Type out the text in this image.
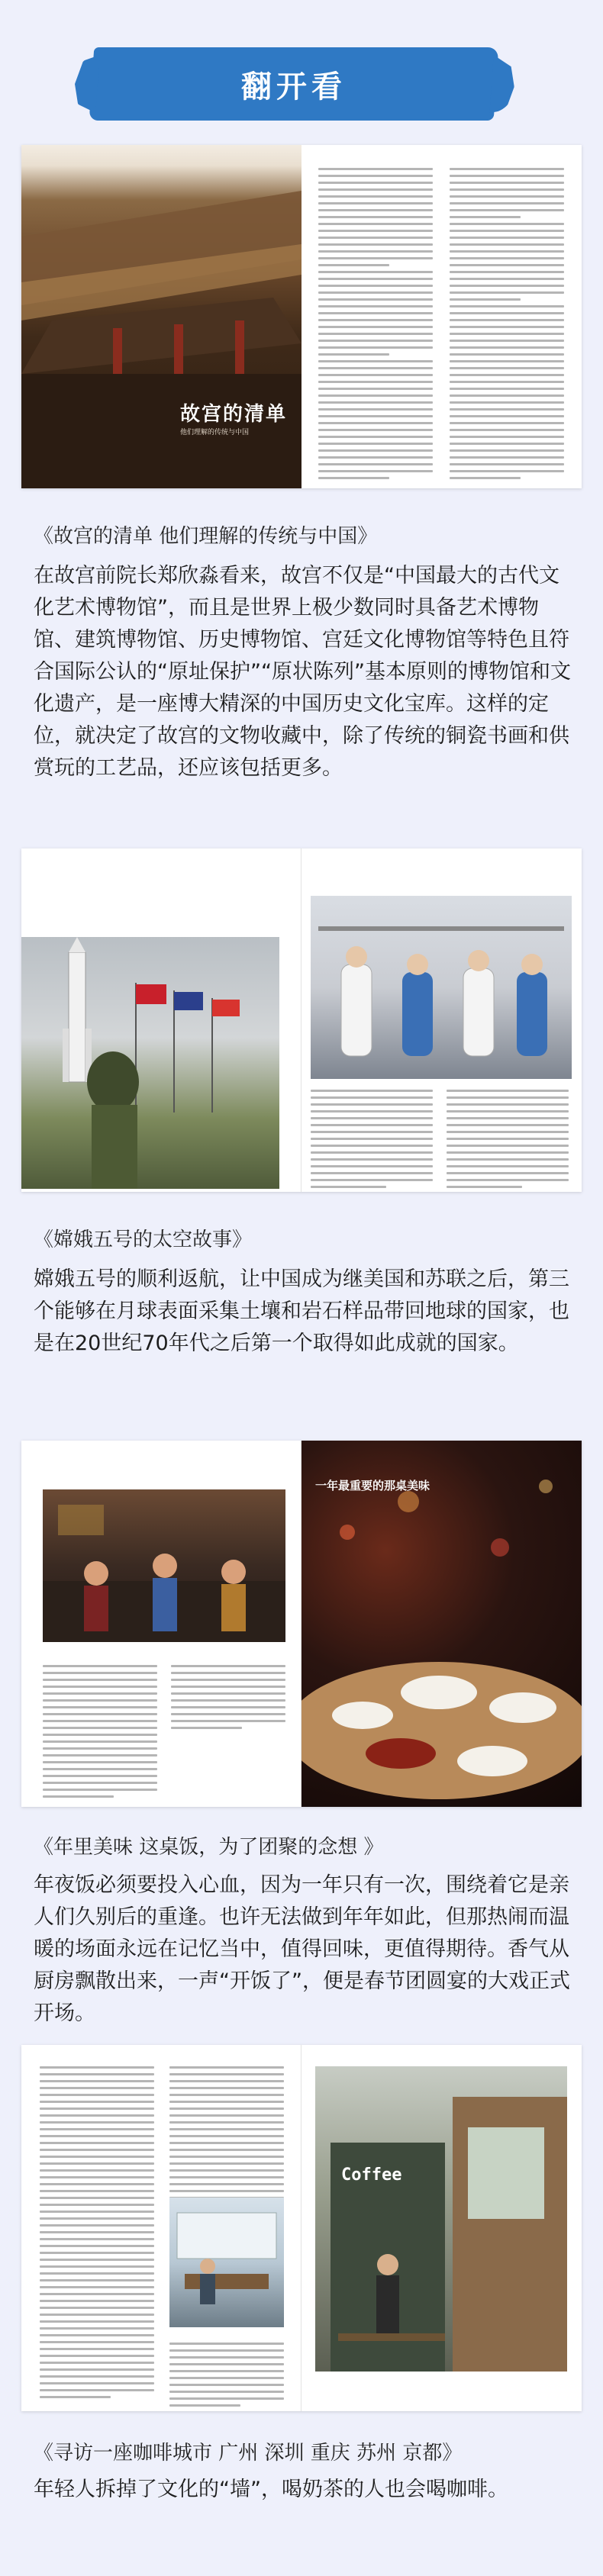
翻开看
故宫的清单
他们理解的传统与中国
《故宫的清单 他们理解的传统与中国》
在故宫前院长郑欣淼看来，故宫不仅是“中国最大的古代文化艺术博物馆”，而且是世界上极少数同时具备艺术博物馆、建筑博物馆、历史博物馆、宫廷文化博物馆等特色且符合国际公认的“原址保护”“原状陈列”基本原则的博物馆和文化遗产，是一座博大精深的中国历史文化宝库。这样的定位，就决定了故宫的文物收藏中，除了传统的铜瓷书画和供赏玩的工艺品，还应该包括更多。
《嫦娥五号的太空故事》
嫦娥五号的顺利返航，让中国成为继美国和苏联之后，第三个能够在月球表面采集土壤和岩石样品带回地球的国家，也是在20世纪70年代之后第一个取得如此成就的国家。
一年最重要的那桌美味
《年里美味 这桌饭，为了团聚的念想 》
年夜饭必须要投入心血，因为一年只有一次，围绕着它是亲人们久别后的重逢。也许无法做到年年如此，但那热闹而温暖的场面永远在记忆当中，值得回味，更值得期待。香气从厨房飘散出来，一声“开饭了”，便是春节团圆宴的大戏正式开场。
Coffee
《寻访一座咖啡城市 广州 深圳 重庆 苏州 京都》
年轻人拆掉了文化的“墙”，喝奶茶的人也会喝咖啡。
